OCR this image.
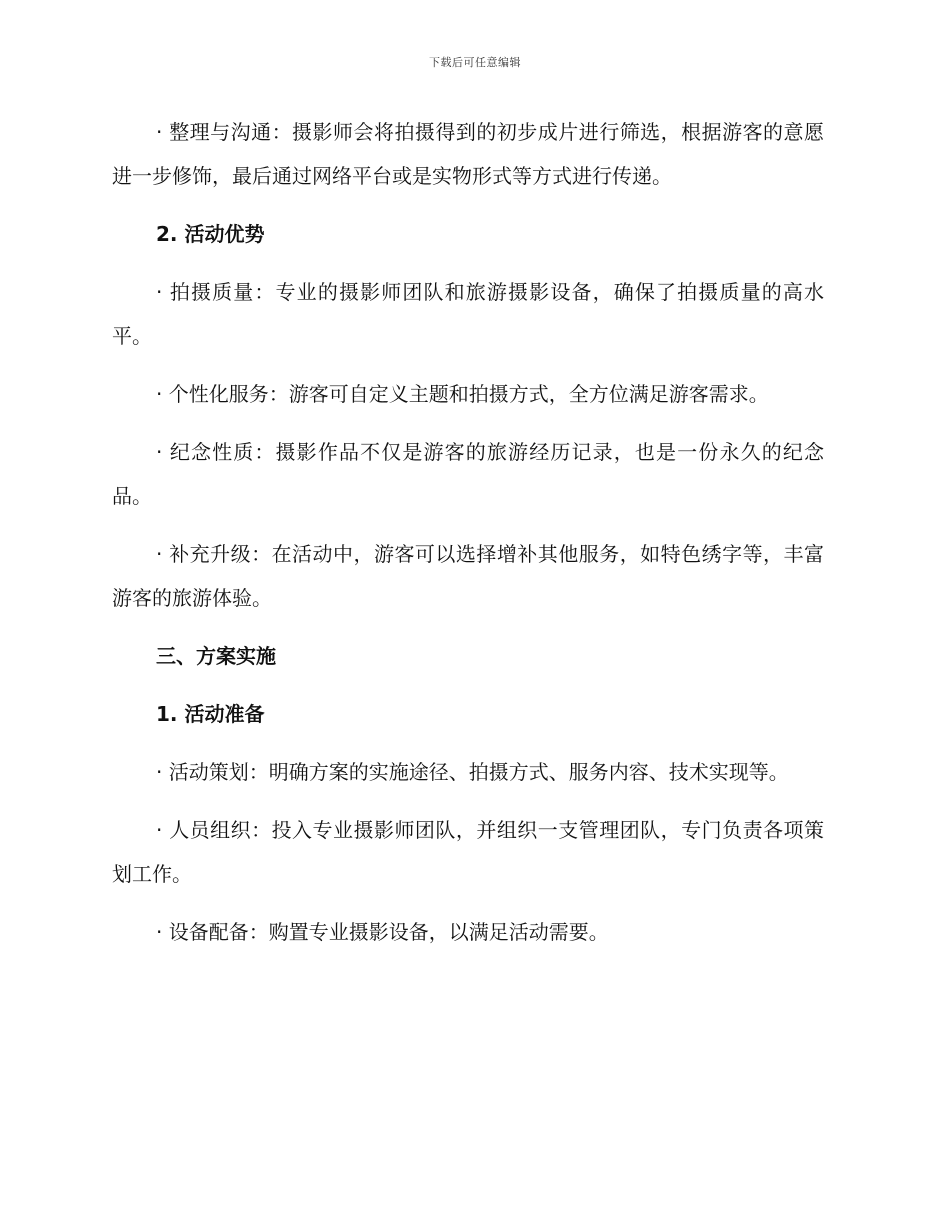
下载后可任意编辑

· 整理与沟通：摄影师会将拍摄得到的初步成片进行筛选，根据游客的意愿进一步修饰，最后通过网络平台或是实物形式等方式进行传递。

2. 活动优势

· 拍摄质量：专业的摄影师团队和旅游摄影设备，确保了拍摄质量的高水平。

· 个性化服务：游客可自定义主题和拍摄方式，全方位满足游客需求。

· 纪念性质：摄影作品不仅是游客的旅游经历记录，也是一份永久的纪念品。

· 补充升级：在活动中，游客可以选择增补其他服务，如特色绣字等，丰富游客的旅游体验。

三、方案实施

1. 活动准备

· 活动策划：明确方案的实施途径、拍摄方式、服务内容、技术实现等。

· 人员组织：投入专业摄影师团队，并组织一支管理团队，专门负责各项策划工作。

· 设备配备：购置专业摄影设备，以满足活动需要。
